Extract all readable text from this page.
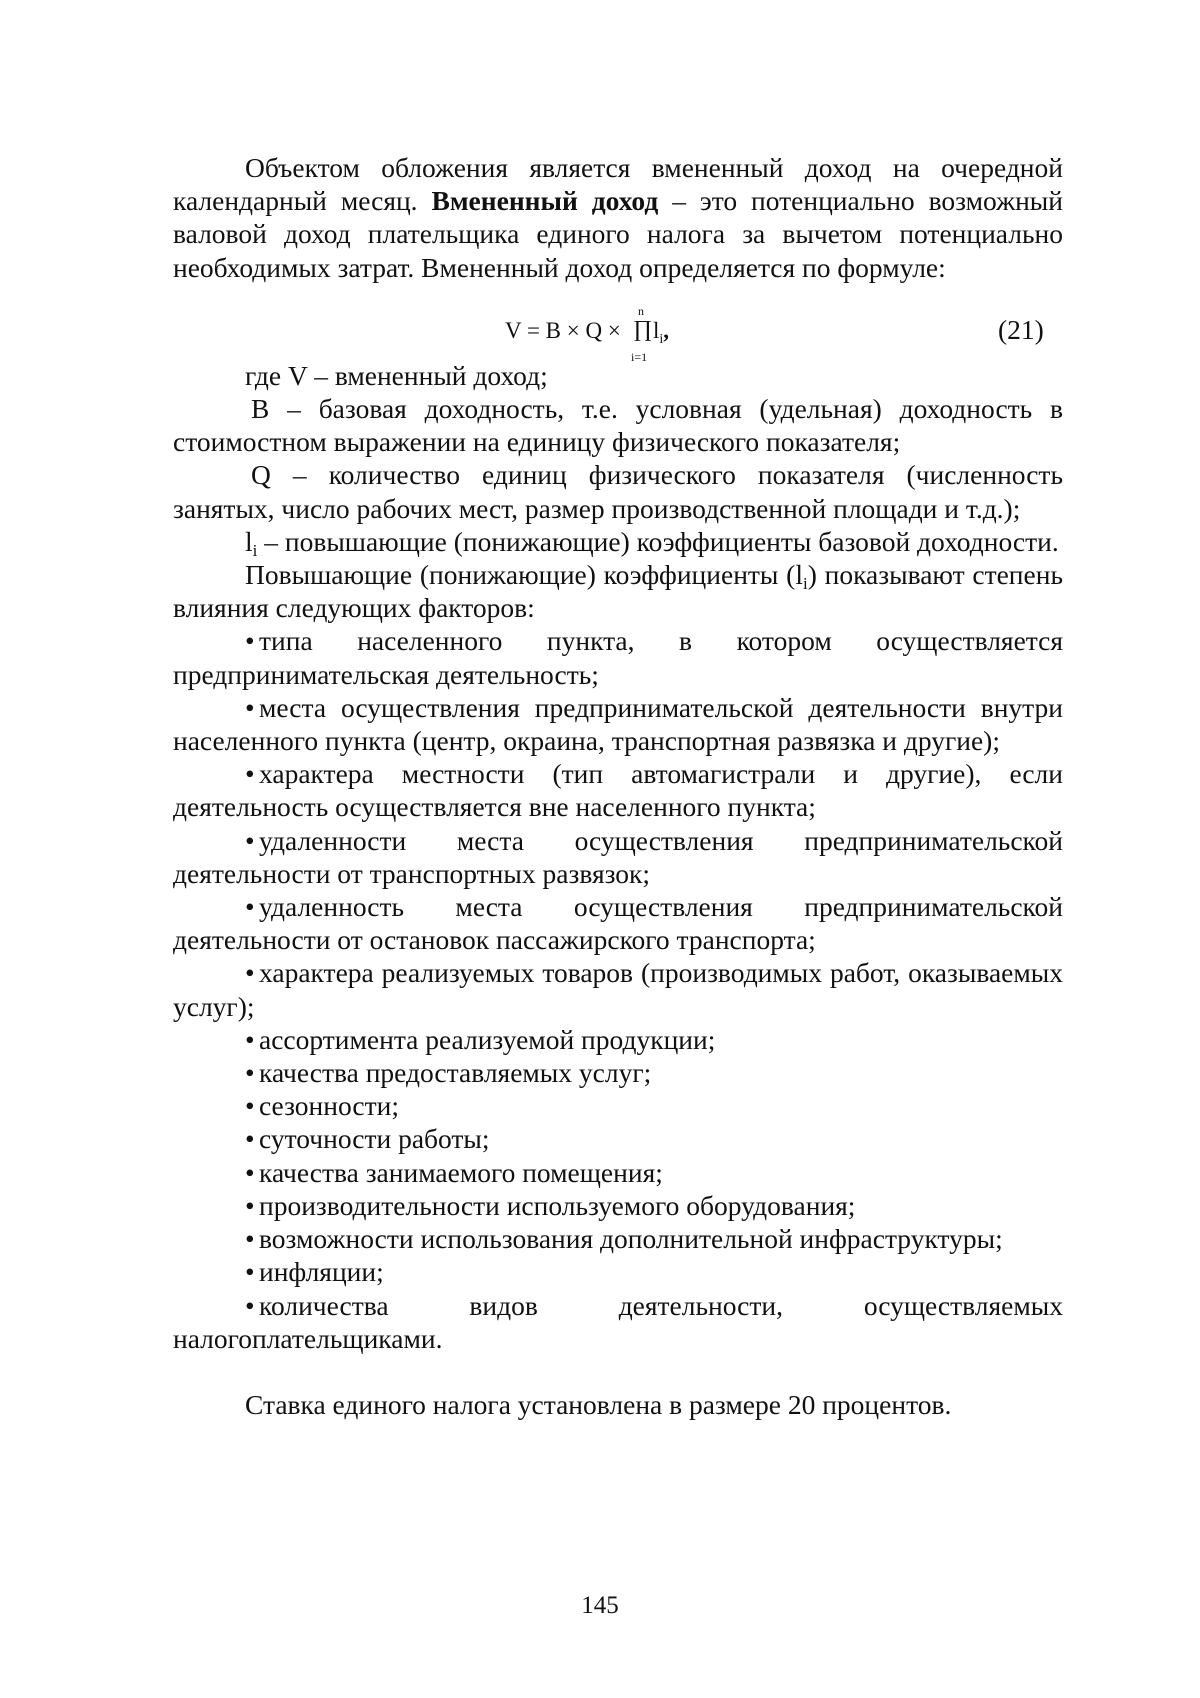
Объектом обложения является вмененный доход на очередной календарный месяц. Вмененный доход – это потенциально возможный валовой доход плательщика единого налога за вычетом потенциально необходимых затрат. Вмененный доход определяется по формуле:

V = B × Q ×
n
∏
i=1
$l_i$,	(21)

где V – вмененный доход;

B – базовая доходность, т.е. условная (удельная) доходность в стоимостном выражении на единицу физического показателя;

Q – количество единиц физического показателя (численность занятых, число рабочих мест, размер производственной площади и т.д.);

$l_i$ – повышающие (понижающие) коэффициенты базовой доходности.

Повышающие (понижающие) коэффициенты $(l_i)$ показывают степень влияния следующих факторов:

• типа населенного пункта, в котором осуществляется предпринимательская деятельность;

• места осуществления предпринимательской деятельности внутри населенного пункта (центр, окраина, транспортная развязка и другие);

• характера местности (тип автомагистрали и другие), если деятельность осуществляется вне населенного пункта;

• удаленности места осуществления предпринимательской деятельности от транспортных развязок;

• удаленность места осуществления предпринимательской деятельности от остановок пассажирского транспорта;

• характера реализуемых товаров (производимых работ, оказываемых услуг);

• ассортимента реализуемой продукции;

• качества предоставляемых услуг;

• сезонности;

• суточности работы;

• качества занимаемого помещения;

• производительности используемого оборудования;

• возможности использования дополнительной инфраструктуры;

• инфляции;

• количества видов деятельности, осуществляемых налогоплательщиками.

Ставка единого налога установлена в размере 20 процентов.

145
